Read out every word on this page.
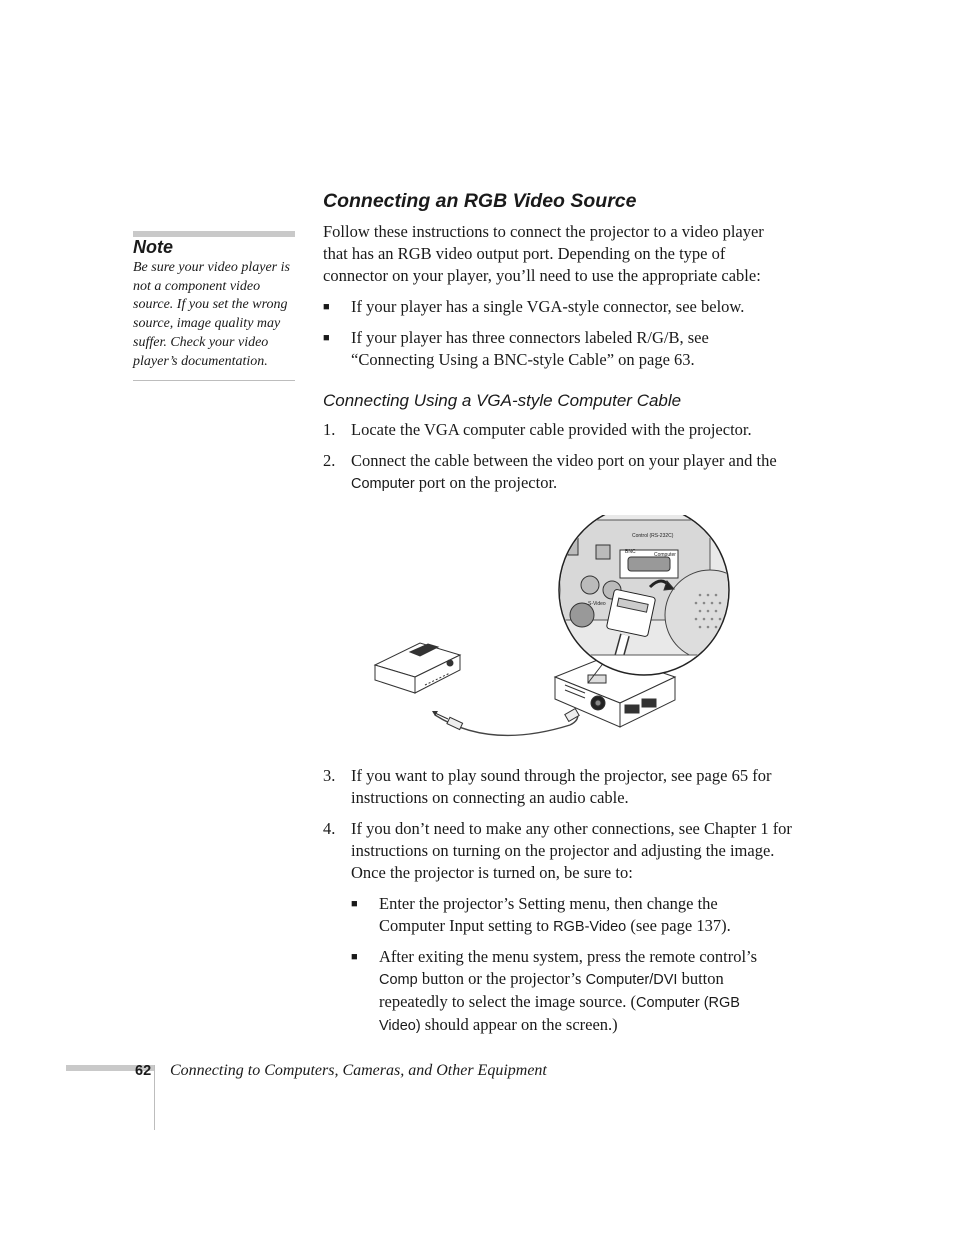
Note
Be sure your video player is not a component video source. If you set the wrong source, image quality may suffer. Check your video player’s documentation.
Connecting an RGB Video Source
Follow these instructions to connect the projector to a video player that has an RGB video output port. Depending on the type of connector on your player, you’ll need to use the appropriate cable:
■	If your player has a single VGA-style connector, see below.
■	If your player has three connectors labeled R/G/B, see “Connecting Using a BNC-style Cable” on page 63.
Connecting Using a VGA-style Computer Cable
1. Locate the VGA computer cable provided with the projector.
2. Connect the cable between the video port on your player and the Computer port on the projector.
Control (RS-232C)
BNC	Computer
S-Video
3. If you want to play sound through the projector, see page 65 for instructions on connecting an audio cable.
4. If you don’t need to make any other connections, see Chapter 1 for instructions on turning on the projector and adjusting the image. Once the projector is turned on, be sure to:
■	Enter the projector’s Setting menu, then change the Computer Input setting to RGB-Video (see page 137).
■	After exiting the menu system, press the remote control’s Comp button or the projector’s Computer/DVI button repeatedly to select the image source. (Computer (RGB Video) should appear on the screen.)
62 Connecting to Computers, Cameras, and Other Equipment
